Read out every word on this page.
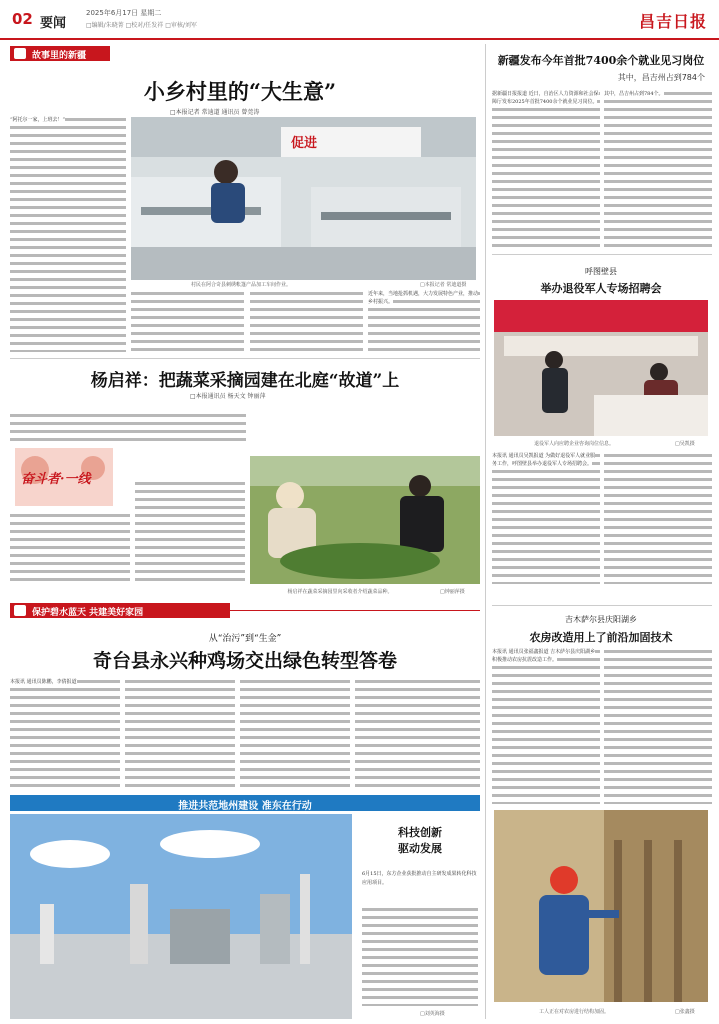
02 要闻
2025年6月17日 星期二
□编辑/朱晓菁 □校对/任发祥 □审核/刘军	昌吉日报
故事里的新疆
小乡村里的“大生意”
□本报记者 常迪道 通讯员 曾莞涛
促进
村民在阿合奇县刺绣帐篷产品加工车间作业。	□本报记者 常迪道摄

“阿托尔一家，上班去！”

近年来，当地抢抓机遇，大力发展特色产业，推动乡村振兴。

杨启祥：把蔬菜采摘园建在北庭“故道”上
□本报通讯员 杨天文 钟丽萍
奋斗者·一线
杨启祥在蔬菜采摘园里向采收者介绍蔬菜品种。	□钟丽萍摄
保护碧水蓝天 共建美好家园
从“治污”到“生金”
奇台县永兴种鸡场交出绿色转型答卷

本报讯 通讯员陈鹏，李倩报道

推进共范地州建设 准东在行动
科技创新
驱动发展
6月15日，东方企业获批推动自主研发成果转化科技应用项目。
□刘英海摄
新疆发布今年首批7400余个就业见习岗位
其中，昌吉州占到784个

据新疆日报报道 近日，自治区人力资源和社会保障厅发布2025年首批7400余个就业见习岗位。

其中，昌吉州占到784个。

呼图壁县
举办退役军人专场招聘会
退役军人向应聘企业咨询岗位信息。	□吴凯摄

本报讯 通讯员吴凯报道 为做好退役军人就业服务工作，呼图壁县举办退役军人专场招聘会。

吉木萨尔县庆阳湖乡
农房改造用上了前沿加固技术

本报讯 通讯员张福鑫报道 吉木萨尔县庆阳湖乡积极推动农房抗震改造工作。

工人正在对农房进行结构加固。	□张鑫摄
